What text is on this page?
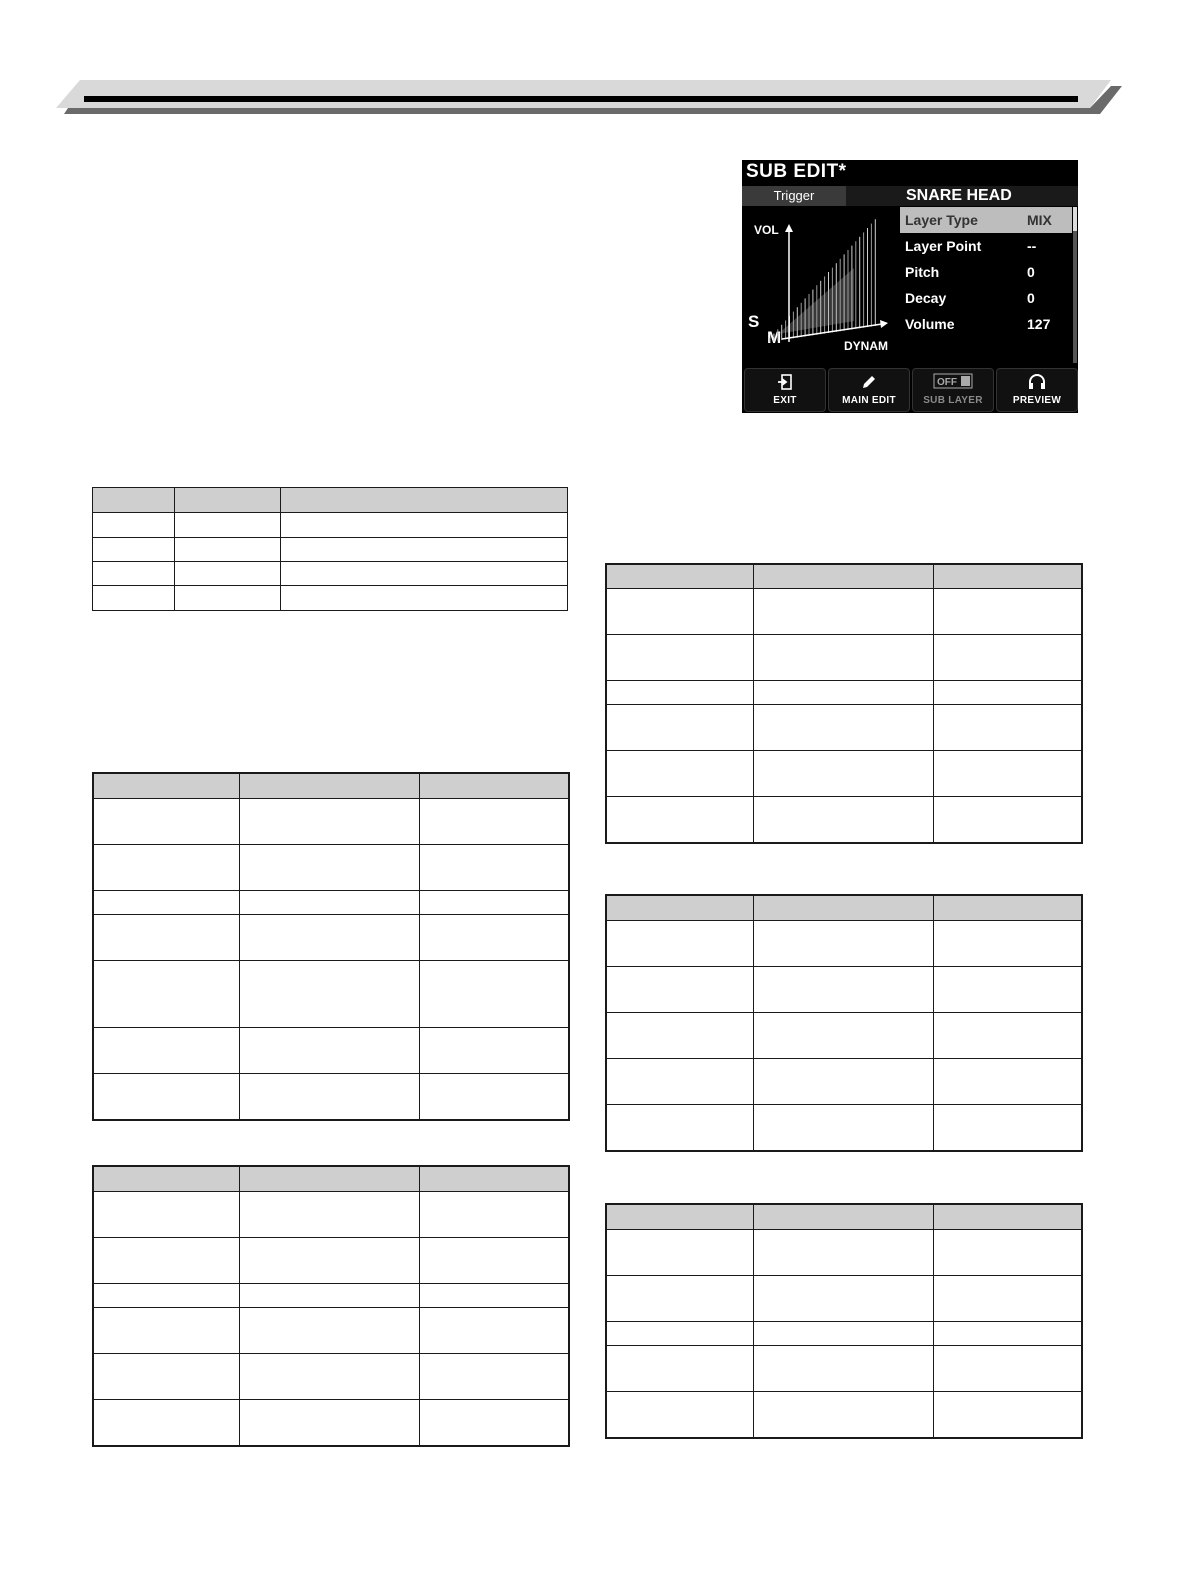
SUB EDIT*
Trigger	SNARE HEAD
VOL
S
M	DYNAM
Layer Type	MIX
Layer Point	--
Pitch	0
Decay	0
Volume	127
EXIT	MAIN EDIT
OFF
SUB LAYER	PREVIEW
